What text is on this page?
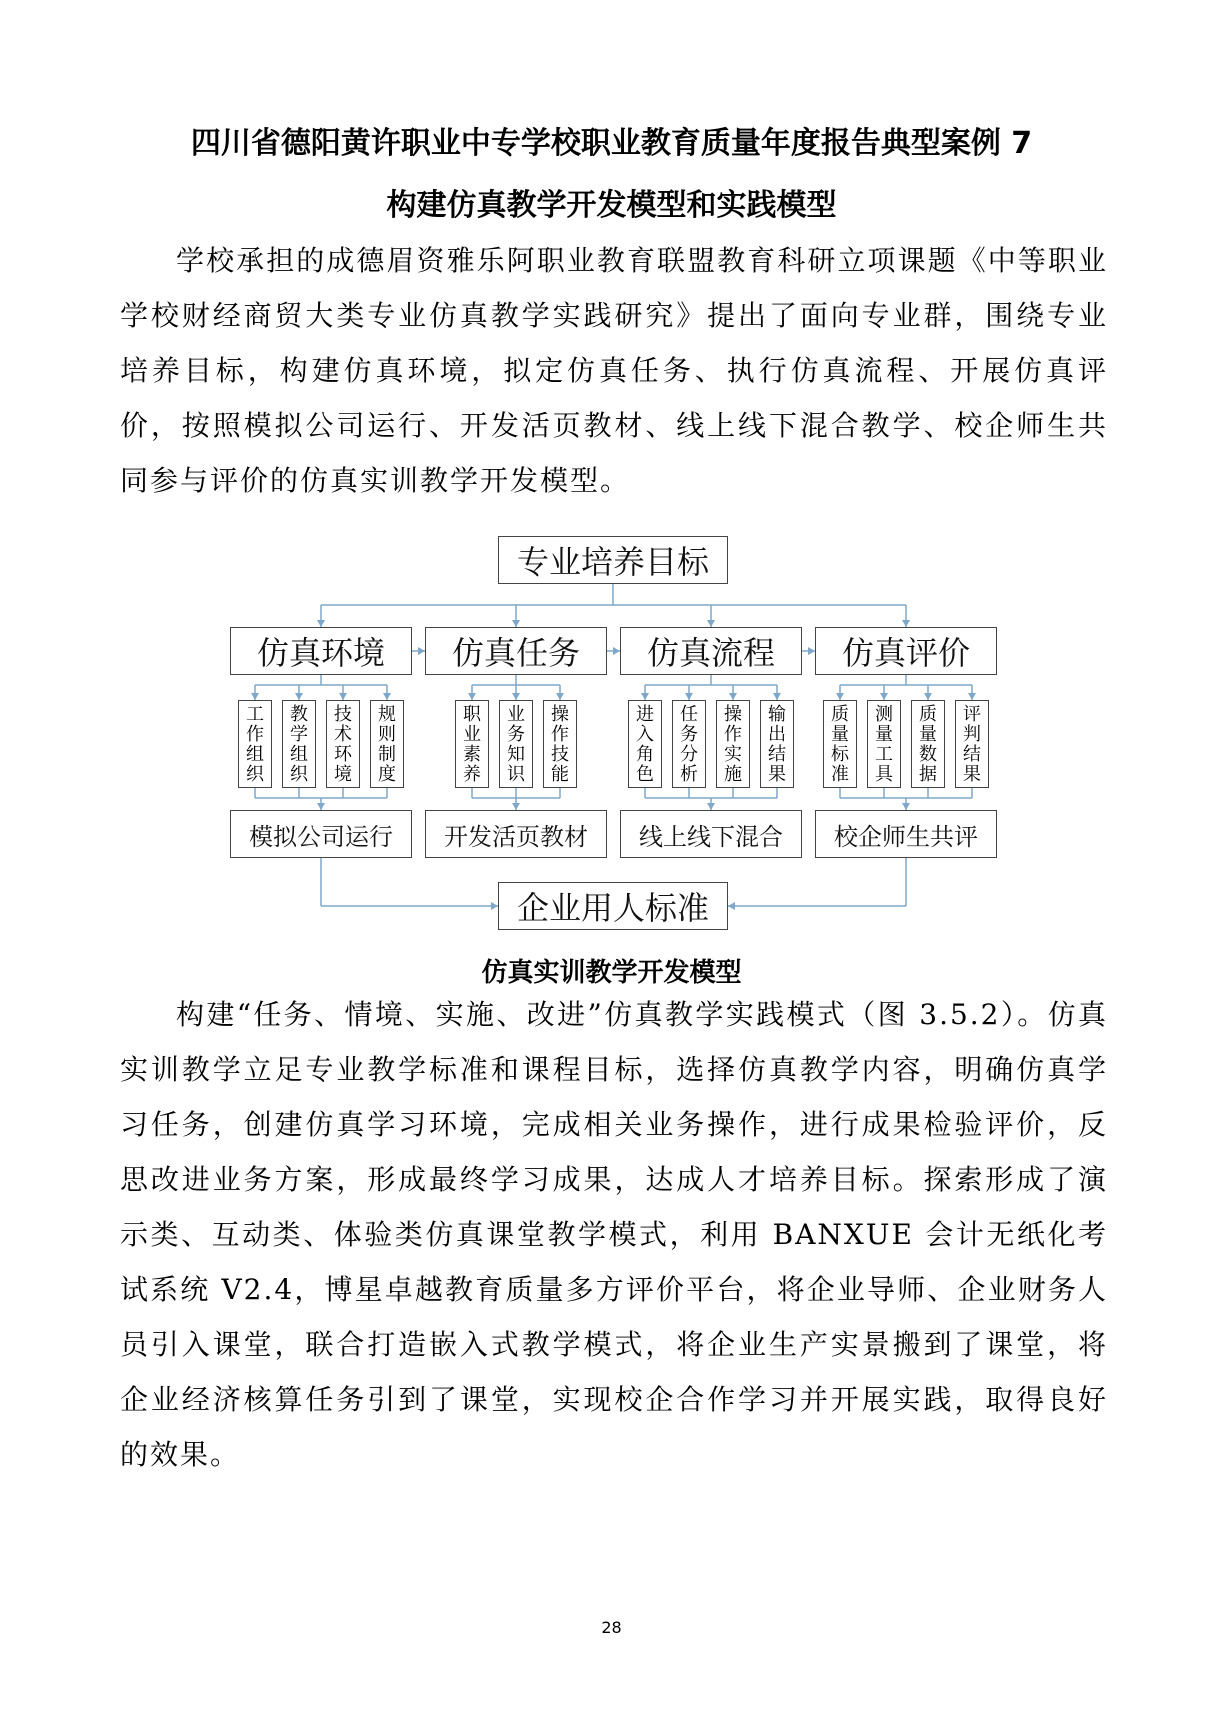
四川省德阳黄许职业中专学校职业教育质量年度报告典型案例 7
构建仿真教学开发模型和实践模型
学校承担的成德眉资雅乐阿职业教育联盟教育科研立项课题《中等职业学校财经商贸大类专业仿真教学实践研究》提出了面向专业群，围绕专业培养目标，构建仿真环境，拟定仿真任务、执行仿真流程、开展仿真评价，按照模拟公司运行、开发活页教材、线上线下混合教学、校企师生共同参与评价的仿真实训教学开发模型。
专业培养目标
仿真环境
工作组织
教学组织
技术环境
规则制度
模拟公司运行
仿真任务
职业素养
业务知识
操作技能
开发活页教材
仿真流程
进入角色
任务分析
操作实施
输出结果
线上线下混合
仿真评价
质量标准
测量工具
质量数据
评判结果
校企师生共评
企业用人标准
仿真实训教学开发模型
构建“任务、情境、实施、改进”仿真教学实践模式（图 3.5.2）。仿真实训教学立足专业教学标准和课程目标，选择仿真教学内容，明确仿真学习任务，创建仿真学习环境，完成相关业务操作，进行成果检验评价，反思改进业务方案，形成最终学习成果，达成人才培养目标。探索形成了演示类、互动类、体验类仿真课堂教学模式，利用 BANXUE 会计无纸化考试系统 V2.4，博星卓越教育质量多方评价平台，将企业导师、企业财务人员引入课堂，联合打造嵌入式教学模式，将企业生产实景搬到了课堂，将企业经济核算任务引到了课堂，实现校企合作学习并开展实践，取得良好的效果。
28
